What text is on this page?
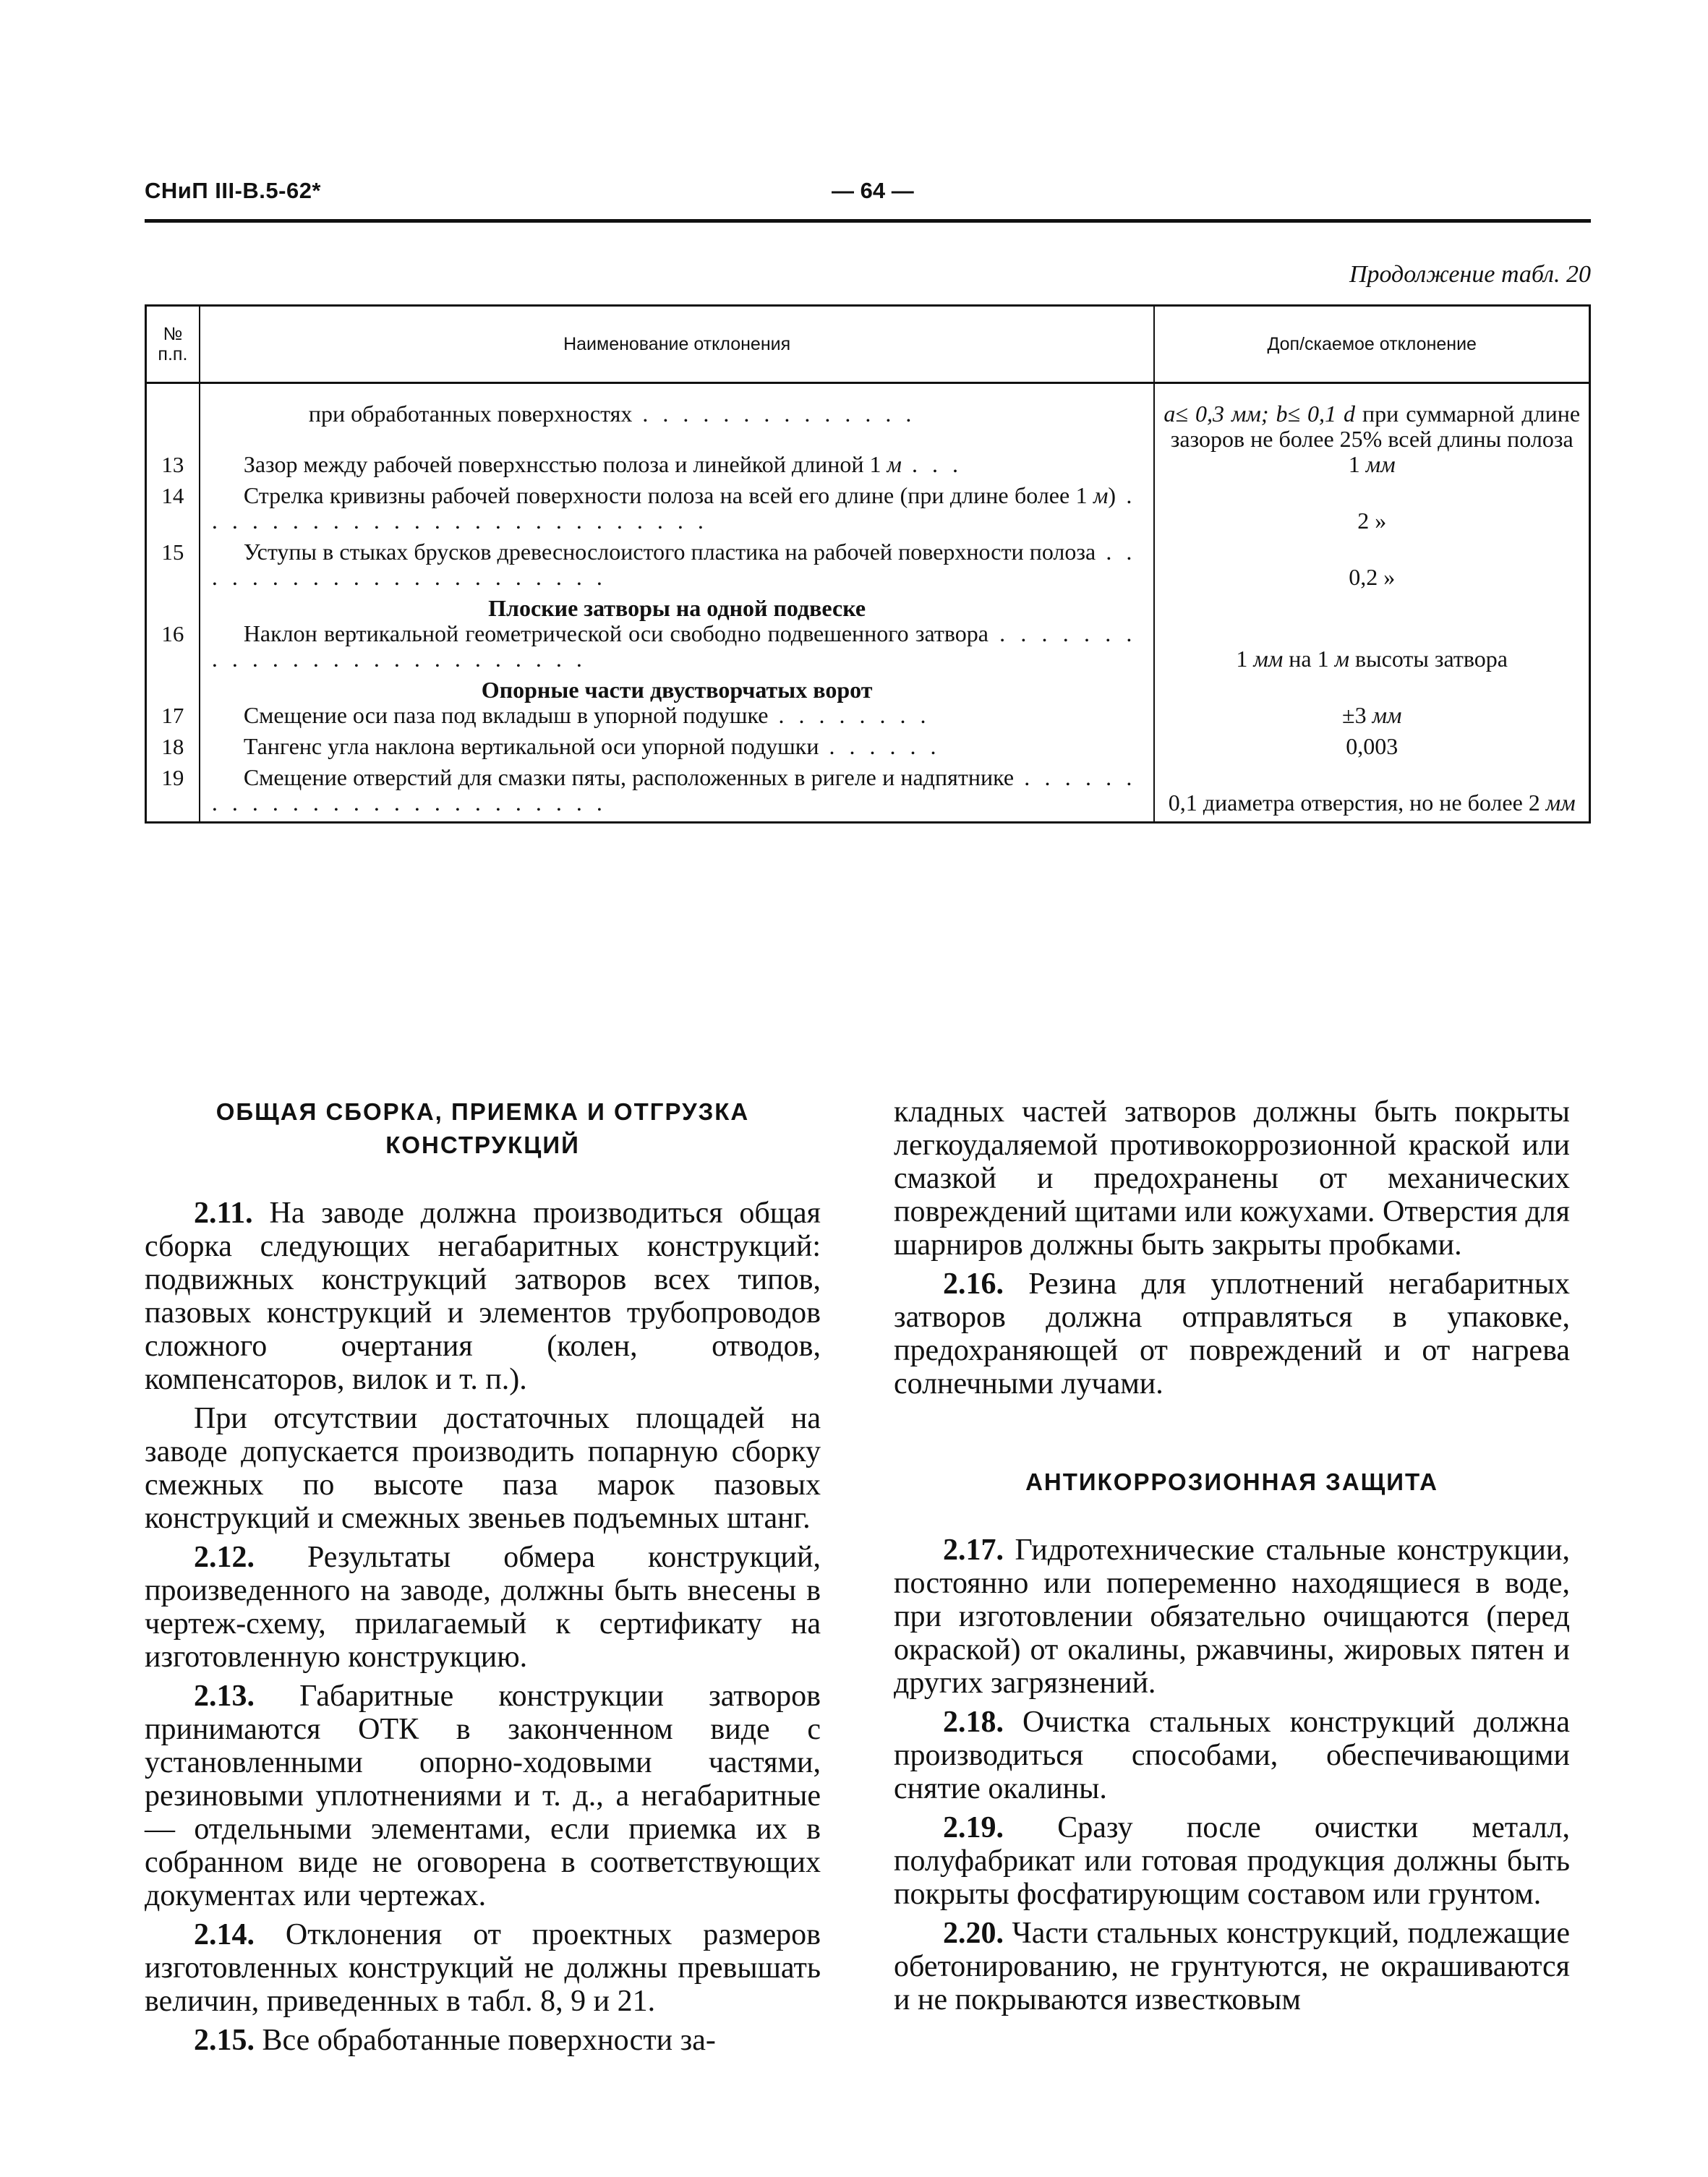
СНиП III-В.5-62*	— 64 —
Продолжение табл. 20
№ п.п.	Наименование отклонения	Доп/скаемое отклонение

	при обработанных поверхностях . . . . . . . . . . . . . .	a≤ 0,3 мм; b≤ 0,1 d при суммарной длине зазоров не более 25% всей длины полоза

13	Зазор между рабочей поверхнсстью полоза и линейкой длиной 1 м . . .	1 мм

14	Стрелка кривизны рабочей поверхности полоза на всей его длине (при длине более 1 м) . . . . . . . . . . . . . . . . . . . . . . . . . .	2 »
15	Уступы в стыках брусков древеснослоистого пластика на рабочей поверхности полоза . . . . . . . . . . . . . . . . . . . . . .	0,2 »
	Плоские затворы на одной подвеске	
16	Наклон вертикальной геометрической оси свободно подвешенного затвора . . . . . . . . . . . . . . . . . . . . . . . . . .	1 мм на 1 м высоты затвора
	Опорные части двустворчатых ворот	
17	Смещение оси паза под вкладыш в упорной подушке . . . . . . . .	±3 мм

18	Тангенс угла наклона вертикальной оси упорной подушки . . . . . .	0,003
19	Смещение отверстий для смазки пяты, расположенных в ригеле и надпятнике . . . . . . . . . . . . . . . . . . . . . . . . . .	0,1 диаметра отверстия, но не более 2 мм
ОБЩАЯ СБОРКА, ПРИЕМКА И ОТГРУЗКА КОНСТРУКЦИЙ

2.11. На заводе должна производиться общая сборка следующих негабаритных конструкций: подвижных конструкций затворов всех типов, пазовых конструкций и элементов трубопроводов сложного очертания (колен, отводов, компенсаторов, вилок и т. п.).

При отсутствии достаточных площадей на заводе допускается производить попарную сборку смежных по высоте паза марок пазовых конструкций и смежных звеньев подъемных штанг.

2.12. Результаты обмера конструкций, произведенного на заводе, должны быть внесены в чертеж-схему, прилагаемый к сертификату на изготовленную конструкцию.

2.13. Габаритные конструкции затворов принимаются ОТК в законченном виде с установленными опорно-ходовыми частями, резиновыми уплотнениями и т. д., а негабаритные — отдельными элементами, если приемка их в собранном виде не оговорена в соответствующих документах или чертежах.

2.14. Отклонения от проектных размеров изготовленных конструкций не должны превышать величин, приведенных в табл. 8, 9 и 21.

2.15. Все обработанные поверхности за-

кладных частей затворов должны быть покрыты легкоудаляемой противокоррозионной краской или смазкой и предохранены от механических повреждений щитами или кожухами. Отверстия для шарниров должны быть закрыты пробками.

2.16. Резина для уплотнений негабаритных затворов должна отправляться в упаковке, предохраняющей от повреждений и от нагрева солнечными лучами.

АНТИКОРРОЗИОННАЯ ЗАЩИТА

2.17. Гидротехнические стальные конструкции, постоянно или попеременно находящиеся в воде, при изготовлении обязательно очищаются (перед окраской) от окалины, ржавчины, жировых пятен и других загрязнений.

2.18. Очистка стальных конструкций должна производиться способами, обеспечивающими снятие окалины.

2.19. Сразу после очистки металл, полуфабрикат или готовая продукция должны быть покрыты фосфатирующим составом или грунтом.

2.20. Части стальных конструкций, подлежащие обетонированию, не грунтуются, не окрашиваются и не покрываются известковым
